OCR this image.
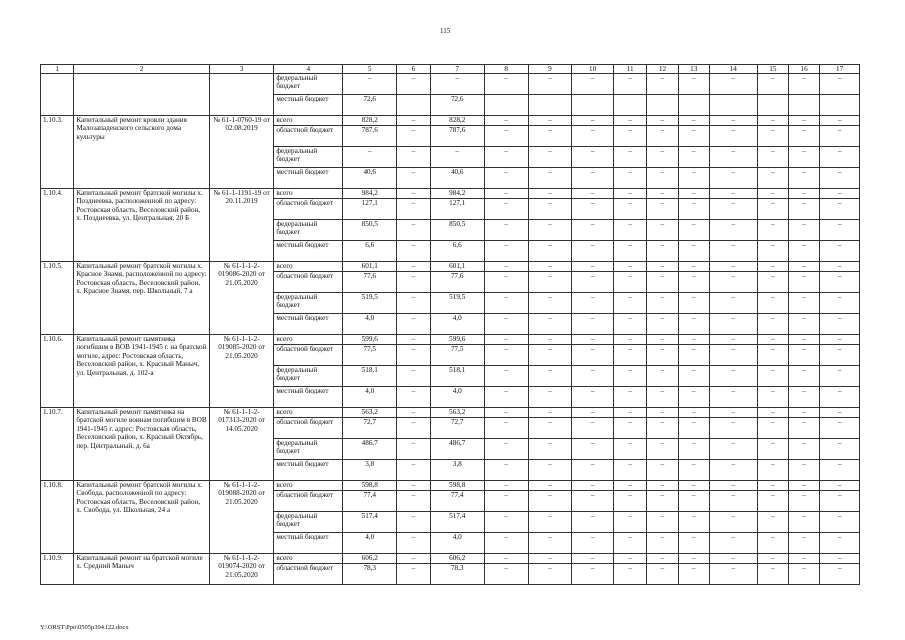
115
1	2	3	4	5	6	7	8	9	10	11	12	13	14	15	16	17
			федеральный бюджет	–	–	–	–	–	–	–	–	–	–	–	–	–
			местный бюджет	72,6		72,6										
1.10.3.	Капитальный ремонт кровли здания Малозападенского сельского дома культуры	№ 61-1-0760-19 от 02.08.2019	всего	828,2	–	828,2	–	–	–	–	–	–	–	–	–	–
			областной бюджет	787,6	–	787,6	–	–	–	–	–	–	–	–	–	–
			федеральный бюджет	–	–	–	–	–	–	–	–	–	–	–	–	–
			местный бюджет	40,6	–	40,6	–	–	–	–	–	–	–	–	–	–
1.10.4.	Капитальный ремонт братской могилы х. Позднеевка, расположенной по адресу: Ростовская область, Веселовский район, х. Позднеевка, ул. Центральная, 20 Б	№ 61-1-1191-19 от 20.11.2019	всего	984,2	–	984,2	–	–	–	–	–	–	–	–	–	–
			областной бюджет	127,1	–	127,1	–	–	–	–	–	–	–	–	–	–
			федеральный бюджет	850,5	–	850,5	–	–	–	–	–	–	–	–	–	–
			местный бюджет	6,6	–	6,6	–	–	–	–	–	–	–	–	–	–
1.10.5.	Капитальный ремонт братской могилы х. Красное Знамя, расположенной по адресу: Ростовская область, Веселовский район, х. Красное Знамя, пер. Школьный, 7 а	№ 61-1-1-2-019086-2020 от 21.05.2020	всего	601,1	–	601,1	–	–	–	–	–	–	–	–	–	–
			областной бюджет	77,6	–	77,6	–	–	–	–	–	–	–	–	–	–
			федеральный бюджет	519,5	–	519,5	–	–	–	–	–	–	–	–	–	–
			местный бюджет	4,0	–	4,0	–	–	–	–	–	–	–	–	–	–
1.10.6.	Капитальный ремонт памятника погибшим в ВОВ 1941-1945 г. на братской могиле, адрес: Ростовская область, Веселовский район, х. Красный Маныч, ул. Центральная, д. 102-а	№ 61-1-1-2-019085-2020 от 21.05.2020	всего	599,6	–	599,6	–	–	–	–	–	–	–	–	–	–
			областной бюджет	77,5	–	77,5	–	–	–	–	–	–	–	–	–	–
			федеральный бюджет	518,1	–	518,1	–	–	–	–	–	–	–	–	–	–
			местный бюджет	4,0	–	4,0	–	–	–	–	–	–	–	–	–	–
1.10.7.	Капитальный ремонт памятника на братской могиле воинам погибшим в ВОВ 1941-1945 г. адрес: Ростовская область, Веселовский район, х. Красный Октябрь, пер. Центральный, д. 6а	№ 61-1-1-2-017313-2020 от 14.05.2020	всего	563,2	–	563,2	–	–	–	–	–	–	–	–	–	–
			областной бюджет	72,7	–	72,7	–	–	–	–	–	–	–	–	–	–
			федеральный бюджет	486,7	–	486,7	–	–	–	–	–	–	–	–	–	–
			местный бюджет	3,8	–	3,8	–	–	–	–	–	–	–	–	–	–
1.10.8.	Капитальный ремонт братской могилы х. Свобода, расположенной по адресу: Ростовская область, Веселовский район, х. Свобода, ул. Школьная, 24 а	№ 61-1-1-2-019088-2020 от 21.05.2020	всего	598,8	–	598,8	–	–	–	–	–	–	–	–	–	–
			областной бюджет	77,4	–	77,4	–	–	–	–	–	–	–	–	–	–
			федеральный бюджет	517,4	–	517,4	–	–	–	–	–	–	–	–	–	–
			местный бюджет	4,0	–	4,0	–	–	–	–	–	–	–	–	–	–
1.10.9.	Капитальный ремонт на братской могиле х. Средний Маныч	№ 61-1-1-2-019074-2020 от 21.05.2020	всего	606,2	–	606,2	–	–	–	–	–	–	–	–	–	–
			областной бюджет	78,3	–	78,3	–	–	–	–	–	–	–	–	–	–
Y:\ORST\Ppo\0505p394.f22.docx
